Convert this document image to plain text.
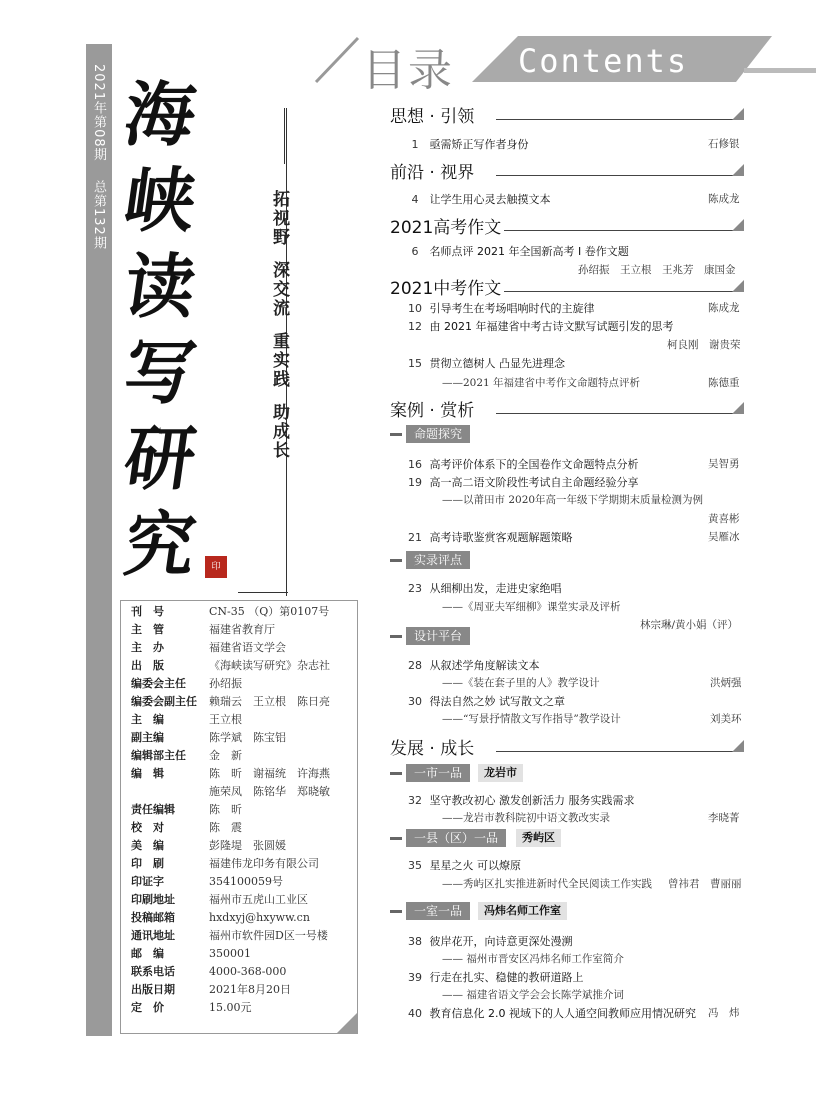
2021年第08期
总第132期
海
峡
读
写
研
究	印
拓视野
深交流
重实践
助成长
刊　号	CN-35 （Q）第0107号
主　管	福建省教育厅
主　办	福建省语文学会
出　版	《海峡读写研究》杂志社
编委会主任 孙绍振
编委会副主任 赖瑞云　王立根　陈日亮
主　编	王立根
副主编	陈学斌　陈宝铝
编辑部主任 金　新
编　辑	陈　昕　谢福统　许海燕
施荣凤　陈铭华　郑晓敏
责任编辑	陈　昕
校　对	陈　震
美　编	彭隆堤　张圆媛
印　刷	福建伟龙印务有限公司
印证字	354100059号
印刷地址	福州市五虎山工业区
投稿邮箱	hxdxyj@hxyww.cn
通讯地址	福州市软件园D区一号楼
邮　编	350001
联系电话	4000-368-000
出版日期	2021年8月20日
定　价	15.00元
目录 Contents
思想 · 引领
1 亟需矫正写作者身份	石修银
前沿 · 视界
4 让学生用心灵去触摸文本	陈成龙
2021高考作文
6 名师点评 2021 年全国新高考 I 卷作文题
孙绍振　王立根　王兆芳　康国金
2021中考作文
10 引导考生在考场唱响时代的主旋律	陈成龙
12 由 2021 年福建省中考古诗文默写试题引发的思考
柯良刚　谢贵荣
15 贯彻立德树人 凸显先进理念
——2021 年福建省中考作文命题特点评析	陈德重
案例 · 赏析
命题探究
16 高考评价体系下的全国卷作文命题特点分析	吴智勇
19 高一高二语文阶段性考试自主命题经验分享
——以莆田市 2020年高一年级下学期期末质量检测为例
黄喜彬
21 高考诗歌鉴赏客观题解题策略	吴雁冰
实录评点
23 从细柳出发，走进史家绝唱
——《周亚夫军细柳》课堂实录及评析
林宗琳/黄小娟（评）
设计平台
28 从叙述学角度解读文本
——《装在套子里的人》教学设计	洪炳强
30 得法自然之妙 试写散文之章
——“写景抒情散文写作指导”教学设计	刘美环
发展 · 成长
一市一品	龙岩市
32 坚守教改初心 激发创新活力 服务实践需求
——龙岩市教科院初中语文教改实录	李晓菁
一县（区）一品	秀屿区
35 星星之火 可以燎原
——秀屿区扎实推进新时代全民阅读工作实践 曾祎君　曹丽丽
一室一品	冯炜名师工作室
38 彼岸花开，向诗意更深处漫溯
—— 福州市晋安区冯炜名师工作室简介
39 行走在扎实、稳健的教研道路上
—— 福建省语文学会会长陈学斌推介词
40 教育信息化 2.0 视域下的人人通空间教师应用情况研究 冯　炜
